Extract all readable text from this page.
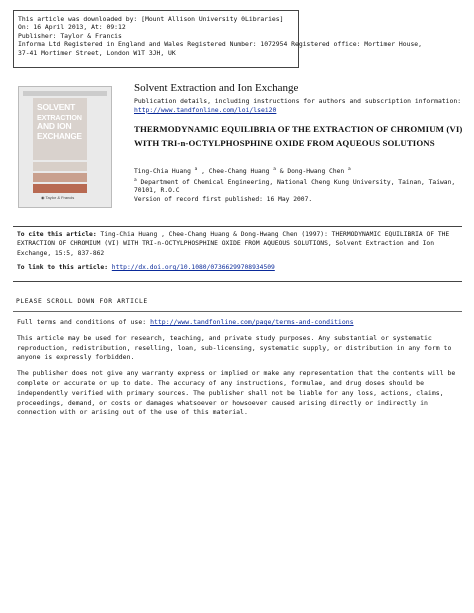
This article was downloaded by: [Mount Allison University 0Libraries]
On: 16 April 2013, At: 09:12
Publisher: Taylor & Francis
Informa Ltd Registered in England and Wales Registered Number: 1072954 Registered office: Mortimer House,
37-41 Mortimer Street, London W1T 3JH, UK
SOLVENT
EXTRACTION
AND ION
EXCHANGE
◉ Taylor & Francis
Solvent Extraction and Ion Exchange
Publication details, including instructions for authors and subscription information:
http://www.tandfonline.com/loi/lsei20
THERMODYNAMIC EQUILIBRIA OF THE EXTRACTION OF CHROMIUM (VI) WITH TRI-n-OCTYLPHOSPHINE OXIDE FROM AQUEOUS SOLUTIONS
Ting-Chia Huang $^a$ , Chee-Chang Huang $^a$ & Dong-Hwang Chen $^a$
$^a$ Department of Chemical Engineering, National Cheng Kung University, Tainan, Taiwan, 70101, R.O.C
Version of record first published: 16 May 2007.
To cite this article: Ting-Chia Huang , Chee-Chang Huang & Dong-Hwang Chen (1997): THERMODYNAMIC EQUILIBRIA OF THE EXTRACTION OF CHROMIUM (VI) WITH TRI-n-OCTYLPHOSPHINE OXIDE FROM AQUEOUS SOLUTIONS, Solvent Extraction and Ion Exchange, 15:5, 837-862
To link to this article: http://dx.doi.org/10.1080/07366299708934509
PLEASE SCROLL DOWN FOR ARTICLE

Full terms and conditions of use: http://www.tandfonline.com/page/terms-and-conditions

This article may be used for research, teaching, and private study purposes. Any substantial or systematic reproduction, redistribution, reselling, loan, sub-licensing, systematic supply, or distribution in any form to anyone is expressly forbidden.

The publisher does not give any warranty express or implied or make any representation that the contents will be complete or accurate or up to date. The accuracy of any instructions, formulae, and drug doses should be independently verified with primary sources. The publisher shall not be liable for any loss, actions, claims, proceedings, demand, or costs or damages whatsoever or howsoever caused arising directly or indirectly in connection with or arising out of the use of this material.
